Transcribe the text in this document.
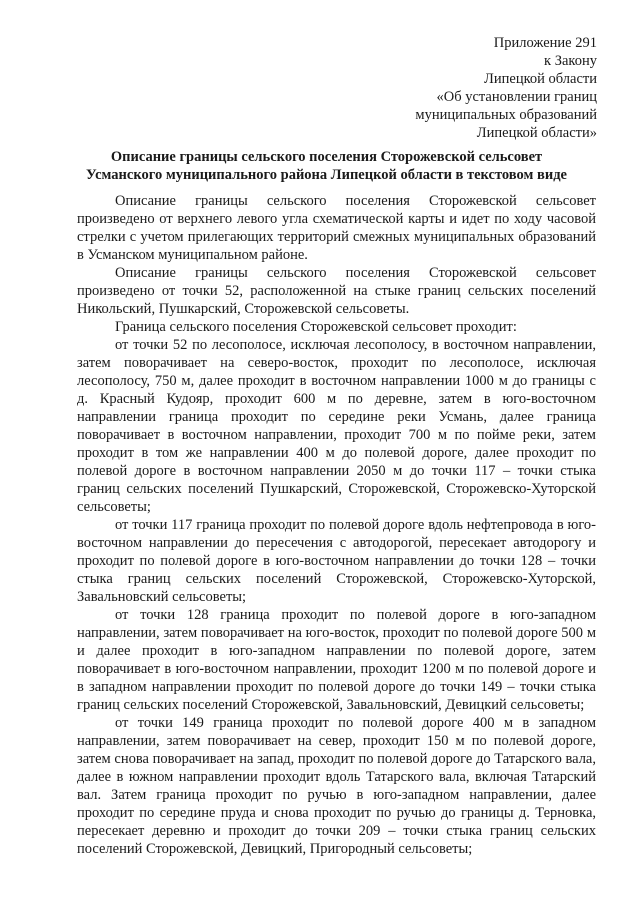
Приложение 291
к Закону
Липецкой области
«Об установлении границ
муниципальных образований
Липецкой области»
Описание границы сельского поселения Сторожевской сельсовет
Усманского муниципального района Липецкой области в текстовом виде

Описание границы сельского поселения Сторожевской сельсовет произведено от верхнего левого угла схематической карты и идет по ходу часовой стрелки с учетом прилегающих территорий смежных муниципальных образований в Усманском муниципальном районе.

Описание границы сельского поселения Сторожевской сельсовет произведено от точки 52, расположенной на стыке границ сельских поселений Никольский, Пушкарский, Сторожевской сельсоветы.

Граница сельского поселения Сторожевской сельсовет проходит:

от точки 52 по лесополосе, исключая лесополосу, в восточном направлении, затем поворачивает на северо-восток, проходит по лесополосе, исключая лесополосу, 750 м, далее проходит в восточном направлении 1000 м до границы с д. Красный Кудояр, проходит 600 м по деревне, затем в юго-восточном направлении граница проходит по середине реки Усмань, далее граница поворачивает в восточном направлении, проходит 700 м по пойме реки, затем проходит в том же направлении 400 м до полевой дороге, далее проходит по полевой дороге в восточном направлении 2050 м до точки 117 – точки стыка границ сельских поселений Пушкарский, Сторожевской, Сторожевско-Хуторской сельсоветы;

от точки 117 граница проходит по полевой дороге вдоль нефтепровода в юго-восточном направлении до пересечения с автодорогой, пересекает автодорогу и проходит по полевой дороге в юго-восточном направлении до точки 128 – точки стыка границ сельских поселений Сторожевской, Сторожевско-Хуторской, Завальновский сельсоветы;

от точки 128 граница проходит по полевой дороге в юго-западном направлении, затем поворачивает на юго-восток, проходит по полевой дороге 500 м и далее проходит в юго-западном направлении по полевой дороге, затем поворачивает в юго-восточном направлении, проходит 1200 м по полевой дороге и в западном направлении проходит по полевой дороге до точки 149 – точки стыка границ сельских поселений Сторожевской, Завальновский, Девицкий сельсоветы;

от точки 149 граница проходит по полевой дороге 400 м в западном направлении, затем поворачивает на север, проходит 150 м по полевой дороге, затем снова поворачивает на запад, проходит по полевой дороге до Татарского вала, далее в южном направлении проходит вдоль Татарского вала, включая Татарский вал. Затем граница проходит по ручью в юго-западном направлении, далее проходит по середине пруда и снова проходит по ручью до границы д. Терновка, пересекает деревню и проходит до точки 209 – точки стыка границ сельских поселений Сторожевской, Девицкий, Пригородный сельсоветы;
